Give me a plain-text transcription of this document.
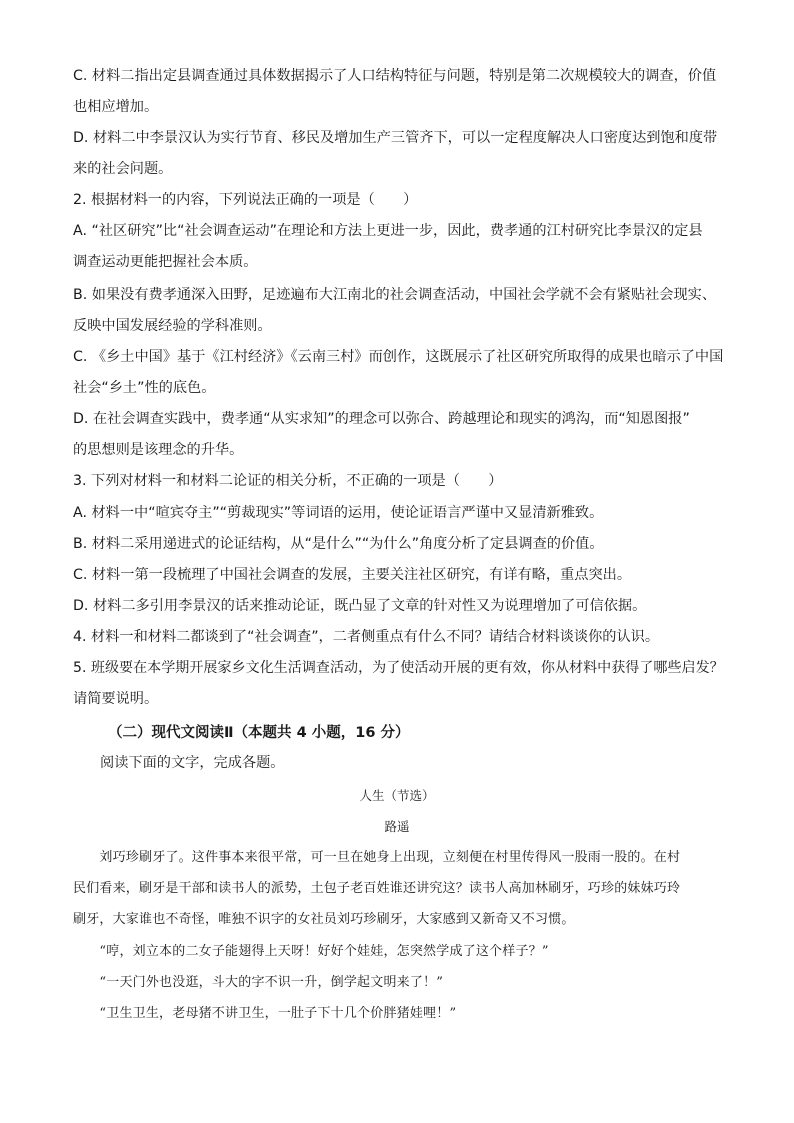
C. 材料二指出定县调查通过具体数据揭示了人口结构特征与问题，特别是第二次规模较大的调查，价值
也相应增加。
D. 材料二中李景汉认为实行节育、移民及增加生产三管齐下，可以一定程度解决人口密度达到饱和度带
来的社会问题。
2. 根据材料一的内容，下列说法正确的一项是（　　）
A. “社区研究”比“社会调查运动”在理论和方法上更进一步，因此，费孝通的江村研究比李景汉的定县
调查运动更能把握社会本质。
B. 如果没有费孝通深入田野，足迹遍布大江南北的社会调查活动，中国社会学就不会有紧贴社会现实、
反映中国发展经验的学科准则。
C. 《乡土中国》基于《江村经济》《云南三村》而创作，这既展示了社区研究所取得的成果也暗示了中国
社会“乡土”性的底色。
D. 在社会调查实践中，费孝通“从实求知”的理念可以弥合、跨越理论和现实的鸿沟，而“知恩图报”
的思想则是该理念的升华。
3. 下列对材料一和材料二论证的相关分析，不正确的一项是（　　）
A. 材料一中“喧宾夺主”“剪裁现实”等词语的运用，使论证语言严谨中又显清新雅致。
B. 材料二采用递进式的论证结构，从“是什么”“为什么”角度分析了定县调查的价值。
C. 材料一第一段梳理了中国社会调查的发展，主要关注社区研究，有详有略，重点突出。
D. 材料二多引用李景汉的话来推动论证，既凸显了文章的针对性又为说理增加了可信依据。
4. 材料一和材料二都谈到了“社会调查”，二者侧重点有什么不同？请结合材料谈谈你的认识。
5. 班级要在本学期开展家乡文化生活调查活动，为了使活动开展的更有效，你从材料中获得了哪些启发？
请简要说明。
（二）现代文阅读Ⅱ（本题共 4 小题，16 分）
阅读下面的文字，完成各题。
人生（节选）
路遥
　　刘巧珍刷牙了。这件事本来很平常，可一旦在她身上出现，立刻便在村里传得风一股雨一股的。在村
民们看来，刷牙是干部和读书人的派势，土包子老百姓谁还讲究这？读书人高加林刷牙，巧珍的妹妹巧玲
刷牙，大家谁也不奇怪，唯独不识字的女社员刘巧珍刷牙，大家感到又新奇又不习惯。
　　“哼，刘立本的二女子能翅得上天呀！好好个娃娃，怎突然学成了这个样子？”
　　“一天门外也没逛，斗大的字不识一升，倒学起文明来了！”
　　“卫生卫生，老母猪不讲卫生，一肚子下十几个价胖猪娃哩！”
